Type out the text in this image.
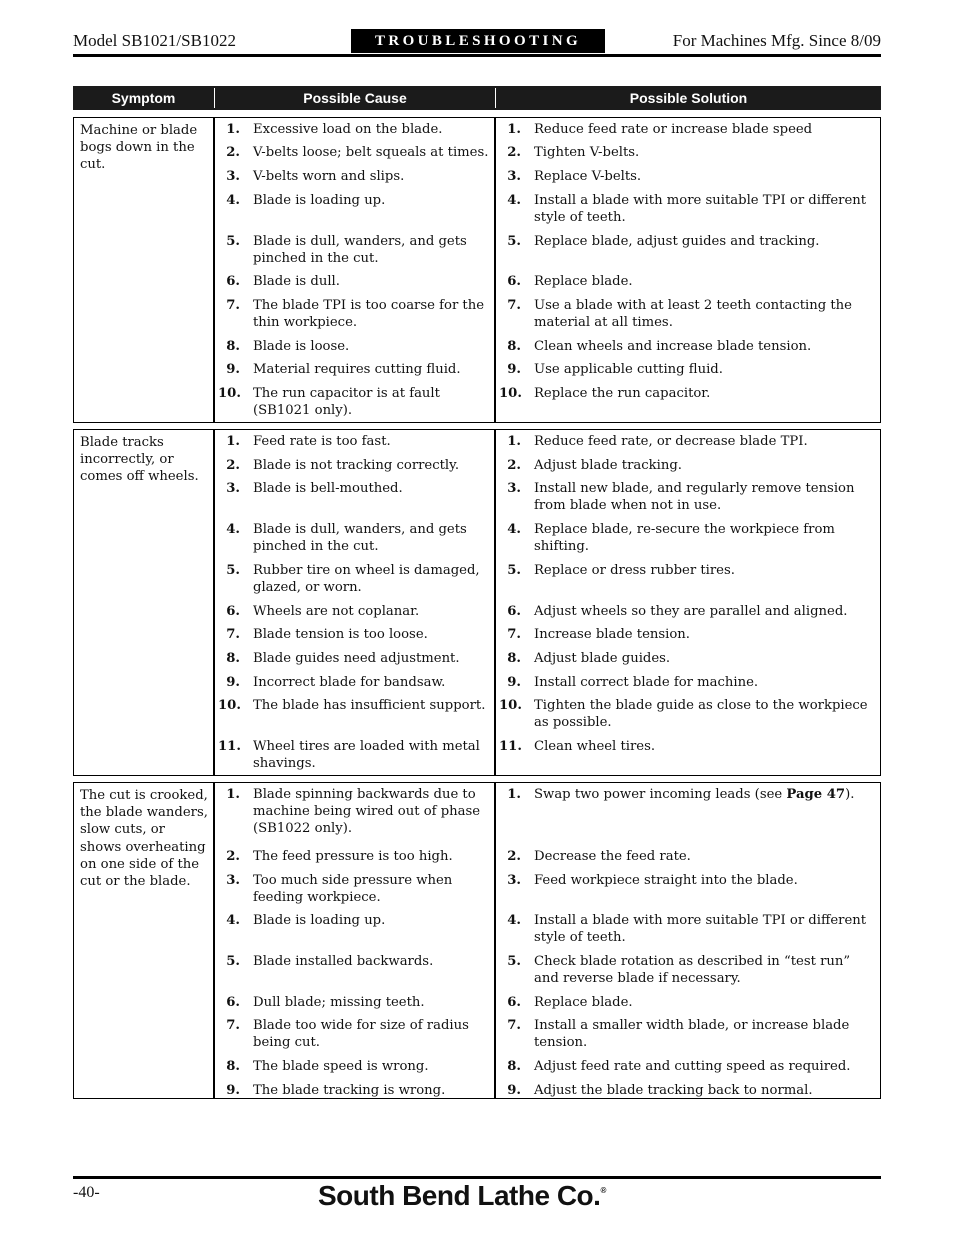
Model SB1021/SB1022	TROUBLESHOOTING	For Machines Mfg. Since 8/09
Symptom	Possible Cause	Possible Solution
Machine or blade bogs down in the cut.
1. Excessive load on the blade.	1. Reduce feed rate or increase blade speed
2. V-belts loose; belt squeals at times.	2. Tighten V-belts.
3. V-belts worn and slips.	3. Replace V-belts.
4. Blade is loading up.	4. Install a blade with more suitable TPI or different style of teeth.
5. Blade is dull, wanders, and gets pinched in the cut.
5. Replace blade, adjust guides and tracking.
6. Blade is dull.	6. Replace blade.
7. The blade TPI is too coarse for the thin workpiece.
7. Use a blade with at least 2 teeth contacting the material at all times.
8. Blade is loose.	8. Clean wheels and increase blade tension.
9. Material requires cutting fluid.	9. Use applicable cutting fluid.
10. The run capacitor is at fault (SB1021 only).
10. Replace the run capacitor.
Blade tracks incorrectly, or comes off wheels.
1. Feed rate is too fast.	1. Reduce feed rate, or decrease blade TPI.
2. Blade is not tracking correctly.	2. Adjust blade tracking.
3. Blade is bell-mouthed.	3. Install new blade, and regularly remove tension from blade when not in use.
4. Blade is dull, wanders, and gets pinched in the cut.
4. Replace blade, re-secure the workpiece from shifting.
5. Rubber tire on wheel is damaged, glazed, or worn.
5. Replace or dress rubber tires.
6. Wheels are not coplanar.	6. Adjust wheels so they are parallel and aligned.
7. Blade tension is too loose.	7. Increase blade tension.
8. Blade guides need adjustment.	8. Adjust blade guides.
9. Incorrect blade for bandsaw.	9. Install correct blade for machine.
10. The blade has insufficient support. 10. Tighten the blade guide as close to the workpiece as possible.
11. Wheel tires are loaded with metal shavings.
11. Clean wheel tires.
The cut is crooked, the blade wanders, slow cuts, or shows overheating on one side of the cut or the blade.
1. Blade spinning backwards due to machine being wired out of phase (SB1022 only).
1. Swap two power incoming leads (see Page 47).
2. The feed pressure is too high.	2. Decrease the feed rate.
3. Too much side pressure when feeding workpiece.
3. Feed workpiece straight into the blade.
4. Blade is loading up.	4. Install a blade with more suitable TPI or different style of teeth.
5. Blade installed backwards.	5. Check blade rotation as described in “test run” and reverse blade if necessary.
6. Dull blade; missing teeth.	6. Replace blade.
7. Blade too wide for size of radius being cut.
7. Install a smaller width blade, or increase blade tension.
8. The blade speed is wrong.	8. Adjust feed rate and cutting speed as required.
9. The blade tracking is wrong.	9. Adjust the blade tracking back to normal.
-40-	South Bend Lathe Co.®
